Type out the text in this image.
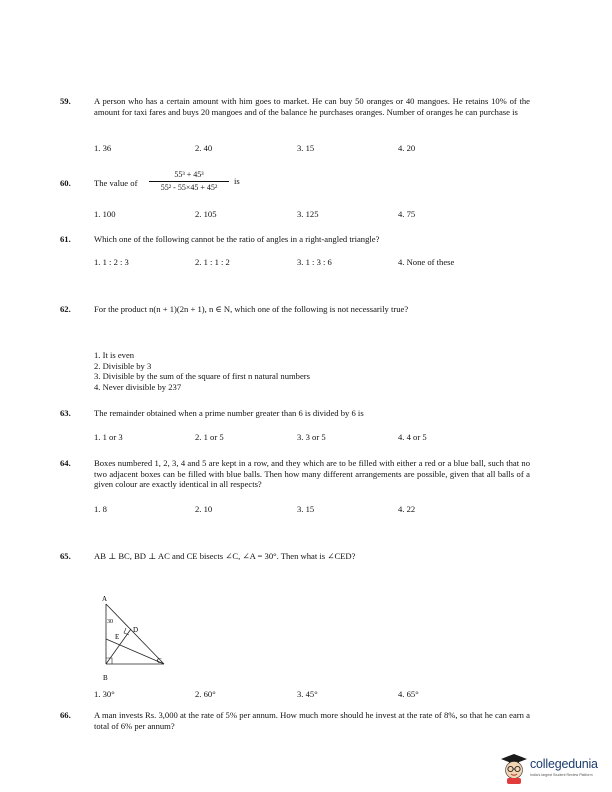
59.	A person who has a certain amount with him goes to market. He can buy 50 oranges or 40 mangoes. He retains 10% of the amount for taxi fares and buys 20 mangoes and of the balance he purchases oranges. Number of oranges he can purchase is
1. 36	2. 40	3. 15	4. 20
60.	The value of $\frac{\text{55³ + 45³}}{\text{55² - 55×45 + 45²}}$ is
1. 100	2. 105	3. 125	4. 75
61.	Which one of the following cannot be the ratio of angles in a right-angled triangle?
1. 1 : 2 : 3	2. 1 : 1 : 2	3. 1 : 3 : 6	4. None of these
62.	For the product n(n + 1)(2n + 1), n ∈ N, which one of the following is not necessarily true?
1. It is even
2. Divisible by 3
3. Divisible by the sum of the square of first n natural numbers
4. Never divisible by 237
63.	The remainder obtained when a prime number greater than 6 is divided by 6 is
1. 1 or 3	2. 1 or 5	3. 3 or 5	4. 4 or 5
64.	Boxes numbered 1, 2, 3, 4 and 5 are kept in a row, and they which are to be filled with either a red or a blue ball, such that no two adjacent boxes can be filled with blue balls. Then how many different arrangements are possible, given that all balls of a given colour are exactly identical in all respects?
1. 8	2. 10	3. 15	4. 22
65.	AB ⊥ BC, BD ⊥ AC and CE bisects ∠C, ∠A = 30°. Then what is ∠CED?
1. 30°	2. 60°	3. 45°	4. 65°
A
B
C
D
E
30
66.	A man invests Rs. 3,000 at the rate of 5% per annum. How much more should he invest at the rate of 8%, so that he can earn a total of 6% per annum?
collegedunia
India's largest Student Review Platform
